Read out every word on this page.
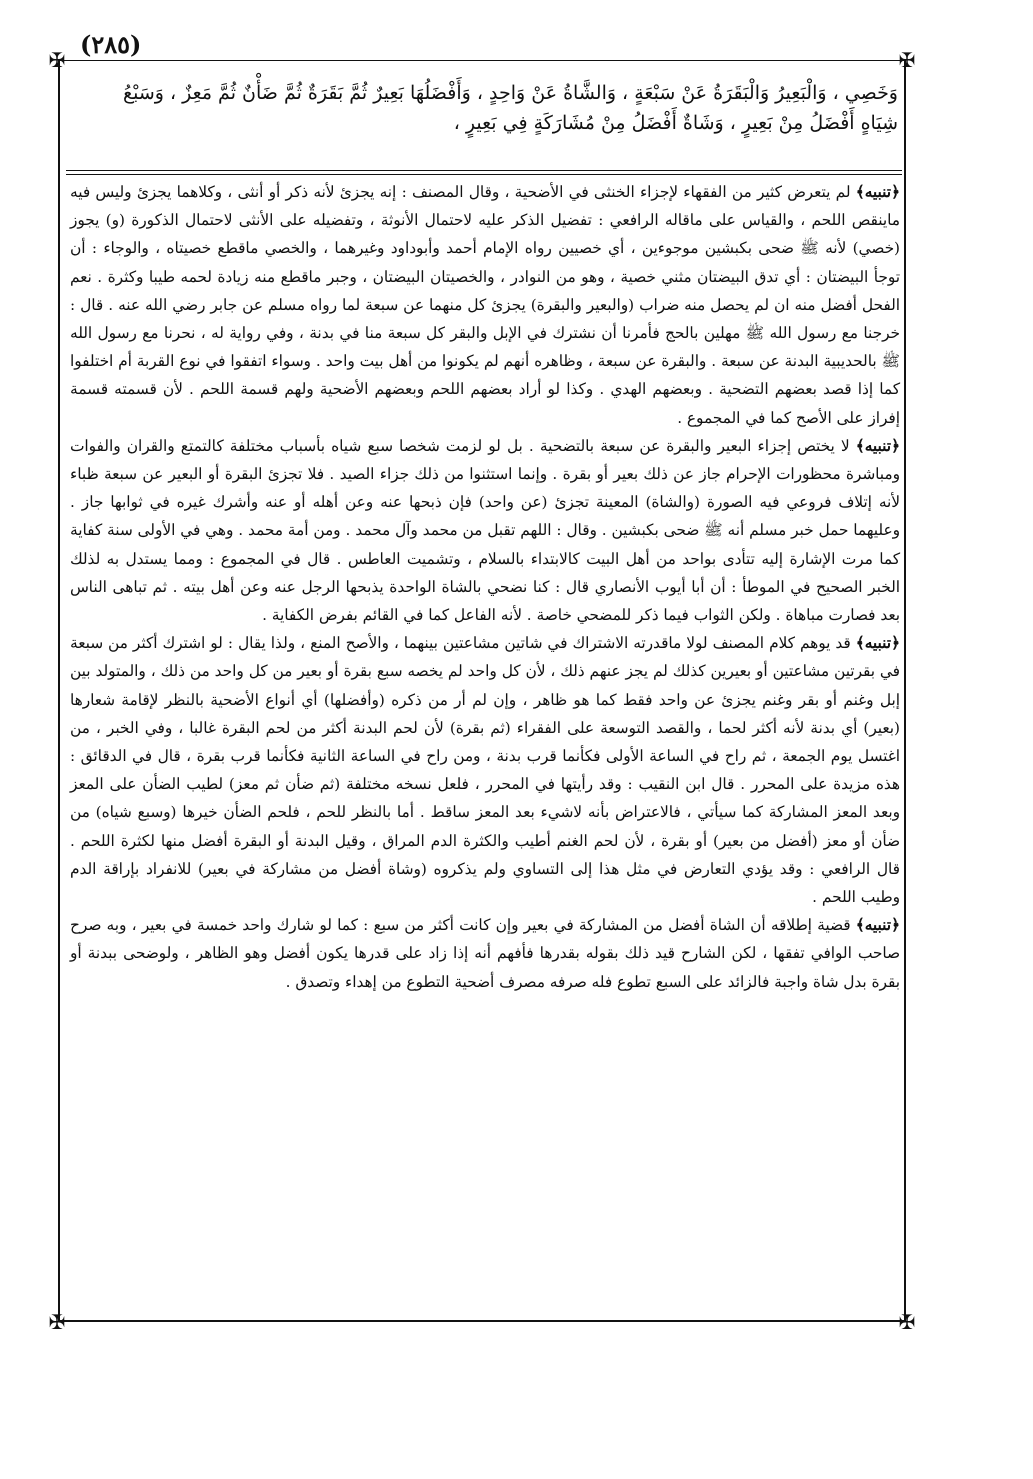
(٢٨٥)
✠	✠
✠	✠

وَخَصِي ، وَالْبَعِيرُ وَالْبَقَرَةُ عَنْ سَبْعَةٍ ، وَالشَّاةُ عَنْ وَاحِدٍ ، وَأَفْضَلُهَا بَعِيرٌ ثُمَّ بَقَرَةٌ ثُمَّ ضَأْنٌ ثُمَّ مَعِزٌ ، وَسَبْعُ

شِيَاهٍ أَفْضَلُ مِنْ بَعِيرٍ ، وَشَاةٌ أَفْضَلُ مِنْ مُشَارَكَةٍ فِي بَعِيرٍ ،

﴿تنبيه﴾ لم يتعرض كثير من الفقهاء لإجزاء الخنثى في الأضحية ، وقال المصنف : إنه يجزئ لأنه ذكر أو أنثى ، وكلاهما يجزئ وليس فيه ماينقص اللحم ، والقياس على ماقاله الرافعي : تفضيل الذكر عليه لاحتمال الأنوثة ، وتفضيله على الأنثى لاحتمال الذكورة (و) يجوز (خصي) لأنه ﷺ ضحى بكبشين موجوءين ، أي خصيين رواه الإمام أحمد وأبوداود وغيرهما ، والخصي ماقطع خصيتاه ، والوجاء : أن توجأ البيضتان : أي تدق البيضتان مثني خصية ، وهو من النوادر ، والخصيتان البيضتان ، وجبر ماقطع منه زيادة لحمه طيبا وكثرة . نعم الفحل أفضل منه ان لم يحصل منه ضراب (والبعير والبقرة) يجزئ كل منهما عن سبعة لما رواه مسلم عن جابر رضي الله عنه . قال : خرجنا مع رسول الله ﷺ مهلين بالحج فأمرنا أن نشترك في الإبل والبقر كل سبعة منا في بدنة ، وفي رواية له ، نحرنا مع رسول الله ﷺ بالحديبية البدنة عن سبعة . والبقرة عن سبعة ، وظاهره أنهم لم يكونوا من أهل بيت واحد . وسواء اتفقوا في نوع القربة أم اختلفوا كما إذا قصد بعضهم التضحية . وبعضهم الهدي . وكذا لو أراد بعضهم اللحم وبعضهم الأضحية ولهم قسمة اللحم . لأن قسمته قسمة إفراز على الأصح كما في المجموع .

﴿تنبيه﴾ لا يختص إجزاء البعير والبقرة عن سبعة بالتضحية . بل لو لزمت شخصا سبع شياه بأسباب مختلفة كالتمتع والقران والفوات ومباشرة محظورات الإحرام جاز عن ذلك بعير أو بقرة . وإنما استثنوا من ذلك جزاء الصيد . فلا تجزئ البقرة أو البعير عن سبعة ظباء لأنه إتلاف فروعي فيه الصورة (والشاة) المعينة تجزئ (عن واحد) فإن ذبحها عنه وعن أهله أو عنه وأشرك غيره في ثوابها جاز . وعليهما حمل خبر مسلم أنه ﷺ ضحى بكبشين . وقال : اللهم تقبل من محمد وآل محمد . ومن أمة محمد . وهي في الأولى سنة كفاية كما مرت الإشارة إليه تتأدى بواحد من أهل البيت كالابتداء بالسلام ، وتشميت العاطس . قال في المجموع : ومما يستدل به لذلك الخبر الصحيح في الموطأ : أن أبا أيوب الأنصاري قال : كنا نضحي بالشاة الواحدة يذبحها الرجل عنه وعن أهل بيته . ثم تباهى الناس بعد فصارت مباهاة . ولكن الثواب فيما ذكر للمضحي خاصة . لأنه الفاعل كما في القائم بفرض الكفاية .

﴿تنبيه﴾ قد يوهم كلام المصنف لولا ماقدرته الاشتراك في شاتين مشاعتين بينهما ، والأصح المنع ، ولذا يقال : لو اشترك أكثر من سبعة في بقرتين مشاعتين أو بعيرين كذلك لم يجز عنهم ذلك ، لأن كل واحد لم يخصه سبع بقرة أو بعير من كل واحد من ذلك ، والمتولد بين إبل وغنم أو بقر وغنم يجزئ عن واحد فقط كما هو ظاهر ، وإن لم أر من ذكره (وأفضلها) أي أنواع الأضحية بالنظر لإقامة شعارها (بعير) أي بدنة لأنه أكثر لحما ، والقصد التوسعة على الفقراء (ثم بقرة) لأن لحم البدنة أكثر من لحم البقرة غالبا ، وفي الخبر ، من اغتسل يوم الجمعة ، ثم راح في الساعة الأولى فكأنما قرب بدنة ، ومن راح في الساعة الثانية فكأنما قرب بقرة ، قال في الدقائق : هذه مزيدة على المحرر . قال ابن النقيب : وقد رأيتها في المحرر ، فلعل نسخه مختلفة (ثم ضأن ثم معز) لطيب الضأن على المعز وبعد المعز المشاركة كما سيأتي ، فالاعتراض بأنه لاشيء بعد المعز ساقط . أما بالنظر للحم ، فلحم الضأن خيرها (وسبع شياه) من ضأن أو معز (أفضل من بعير) أو بقرة ، لأن لحم الغنم أطيب والكثرة الدم المراق ، وقيل البدنة أو البقرة أفضل منها لكثرة اللحم . قال الرافعي : وقد يؤدي التعارض في مثل هذا إلى التساوي ولم يذكروه (وشاة أفضل من مشاركة في بعير) للانفراد بإراقة الدم وطيب اللحم .

﴿تنبيه﴾ قضية إطلاقه أن الشاة أفضل من المشاركة في بعير وإن كانت أكثر من سبع : كما لو شارك واحد خمسة في بعير ، وبه صرح صاحب الوافي تفقها ، لكن الشارح قيد ذلك بقوله بقدرها فأفهم أنه إذا زاد على قدرها يكون أفضل وهو الظاهر ، ولوضحى ببدنة أو بقرة بدل شاة واجبة فالزائد على السبع تطوع فله صرفه مصرف أضحية التطوع من إهداء وتصدق .
